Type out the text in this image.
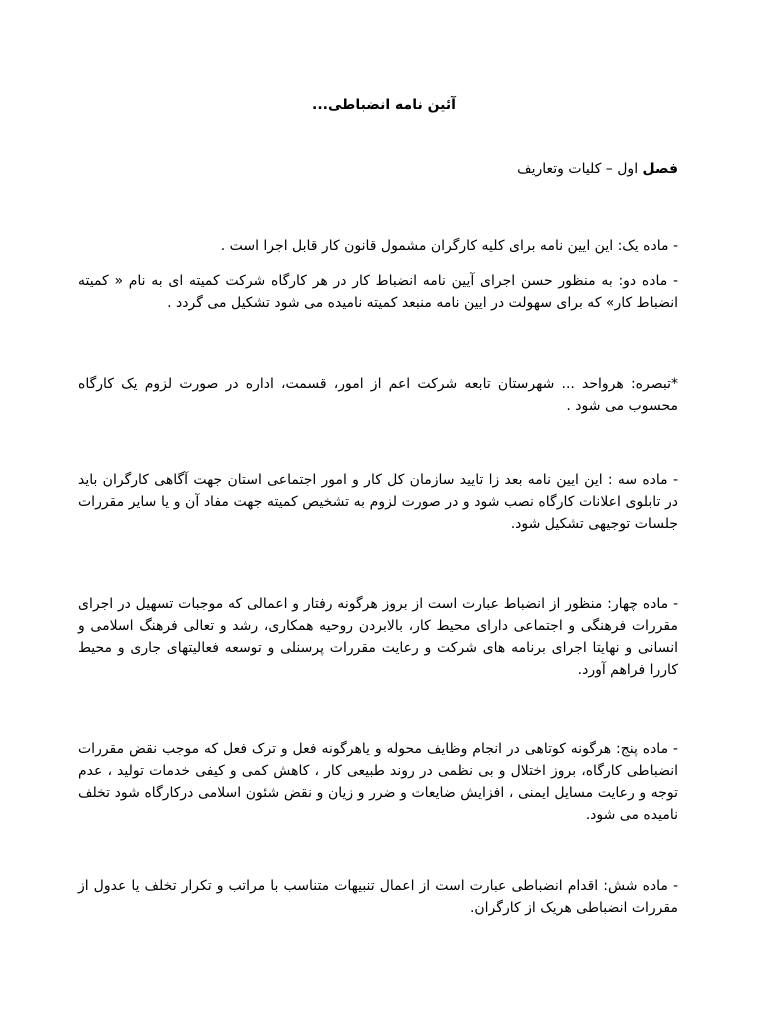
آئین نامه انضباطی...

فصل اول – کلیات وتعاریف

- ماده یک: این ایین نامه برای کلیه کارگران مشمول قانون کار قابل اجرا است .

- ماده دو: به منظور حسن اجرای آیین نامه انضباط کار در هر کارگاه شرکت کمیته ای به نام « کمیته انضباط کار» که برای سهولت در ایین نامه منبعد کمیته نامیده می شود تشکیل می گردد .

*تبصره: هرواحد ... شهرستان تابعه شرکت اعم از امور، قسمت، اداره در صورت لزوم یک کارگاه محسوب می شود .

- ماده سه : این ایین نامه بعد زا تایید سازمان کل کار و امور اجتماعی استان جهت آگاهی کارگران باید در تابلوی اعلانات کارگاه نصب شود و در صورت لزوم به تشخیص کمیته جهت مفاد آن و یا سایر مقررات جلسات توجیهی تشکیل شود.

- ماده چهار: منظور از انضباط عبارت است از بروز هرگونه رفتار و اعمالی که موجبات تسهیل در اجرای مقررات فرهنگی و اجتماعی دارای محیط کار، بالابردن روحیه همکاری، رشد و تعالی فرهنگ اسلامی و انسانی و نهایتا اجرای برنامه های شرکت و رعایت مقررات پرسنلی و توسعه فعالیتهای جاری و محیط کاررا فراهم آورد.

- ماده پنج: هرگونه کوتاهی در انجام وظایف محوله و یاهرگونه فعل و ترک فعل که موجب نقض مقررات انضباطی کارگاه، بروز اختلال و بی نظمی در روند طبیعی کار ، کاهش کمی و کیفی خدمات تولید ، عدم توجه و رعایت مسایل ایمنی ، افزایش ضایعات و ضرر و زیان و نقض شئون اسلامی درکارگاه شود تخلف نامیده می شود.

- ماده شش: اقدام انضباطی عبارت است از اعمال تنبیهات متناسب با مراتب و تکرار تخلف یا عدول از مقررات انضباطی هریک از کارگران.
